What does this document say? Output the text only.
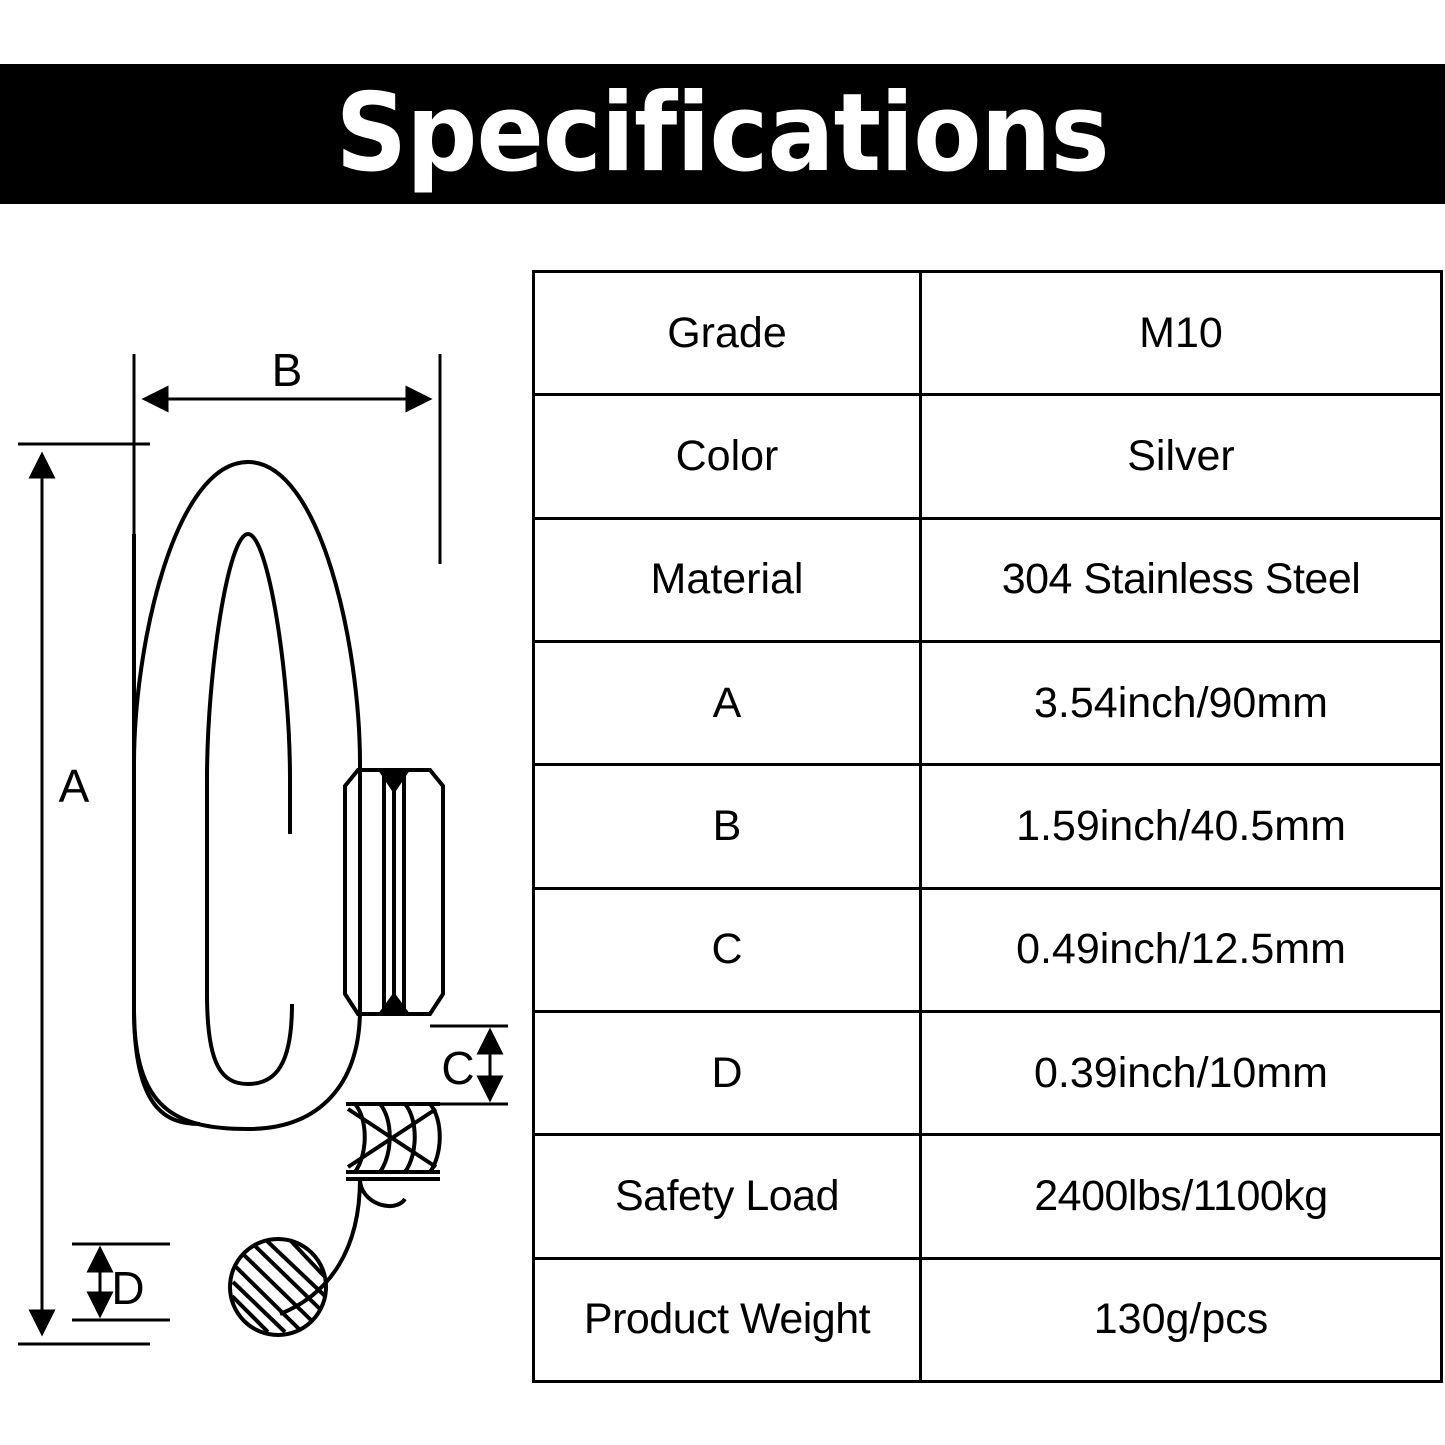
Specifications
B
A
C
D
Grade	M10
Color	Silver
Material	304 Stainless Steel
A	3.54inch/90mm
B	1.59inch/40.5mm
C	0.49inch/12.5mm
D	0.39inch/10mm
Safety Load	2400lbs/1100kg
Product Weight	130g/pcs
